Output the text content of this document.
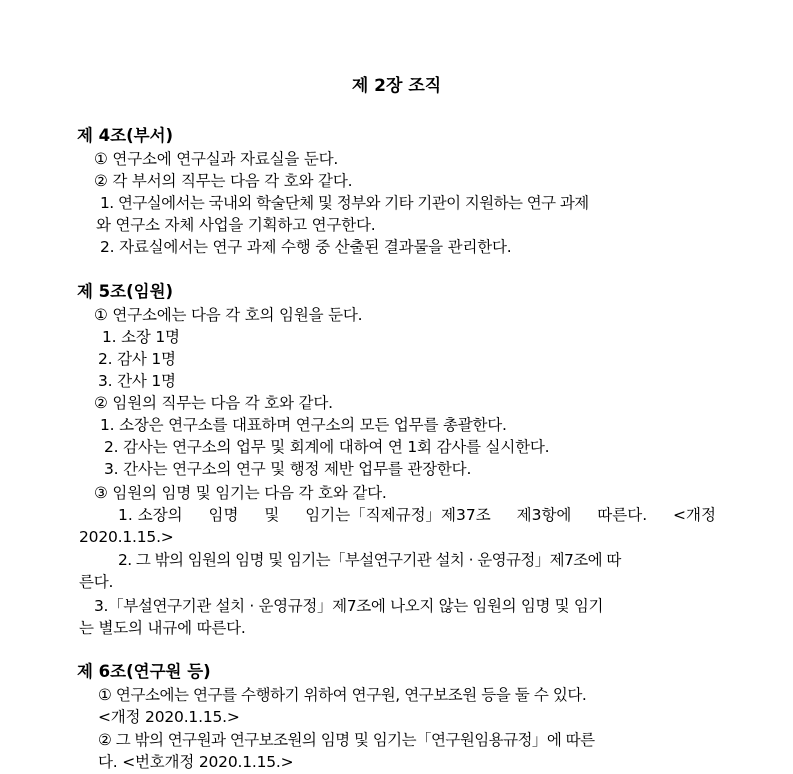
제 2장 조직
제 4조(부서)
① 연구소에 연구실과 자료실을 둔다.
② 각 부서의 직무는 다음 각 호와 같다.
1. 연구실에서는 국내외 학술단체 및 정부와 기타 기관이 지원하는 연구 과제
와 연구소 자체 사업을 기획하고 연구한다.
2. 자료실에서는 연구 과제 수행 중 산출된 결과물을 관리한다.
제 5조(임원)
① 연구소에는 다음 각 호의 임원을 둔다.
1. 소장 1명
2. 감사 1명
3. 간사 1명
② 임원의 직무는 다음 각 호와 같다.
1. 소장은 연구소를 대표하며 연구소의 모든 업무를 총괄한다.
2. 감사는 연구소의 업무 및 회계에 대하여 연 1회 감사를 실시한다.
3. 간사는 연구소의 연구 및 행정 제반 업무를 관장한다.
③ 임원의 임명 및 임기는 다음 각 호와 같다.
1. 소장의 임명 및 임기는「직제규정」제37조 제3항에 따른다. <개정
2020.1.15.>
2. 그 밖의 임원의 임명 및 임기는「부설연구기관 설치 · 운영규정」제7조에 따
른다.
3.「부설연구기관 설치 · 운영규정」제7조에 나오지 않는 임원의 임명 및 임기
는 별도의 내규에 따른다.
제 6조(연구원 등)
① 연구소에는 연구를 수행하기 위하여 연구원, 연구보조원 등을 둘 수 있다.
<개정 2020.1.15.>
② 그 밖의 연구원과 연구보조원의 임명 및 임기는「연구원임용규정」에 따른
다. <번호개정 2020.1.15.>
